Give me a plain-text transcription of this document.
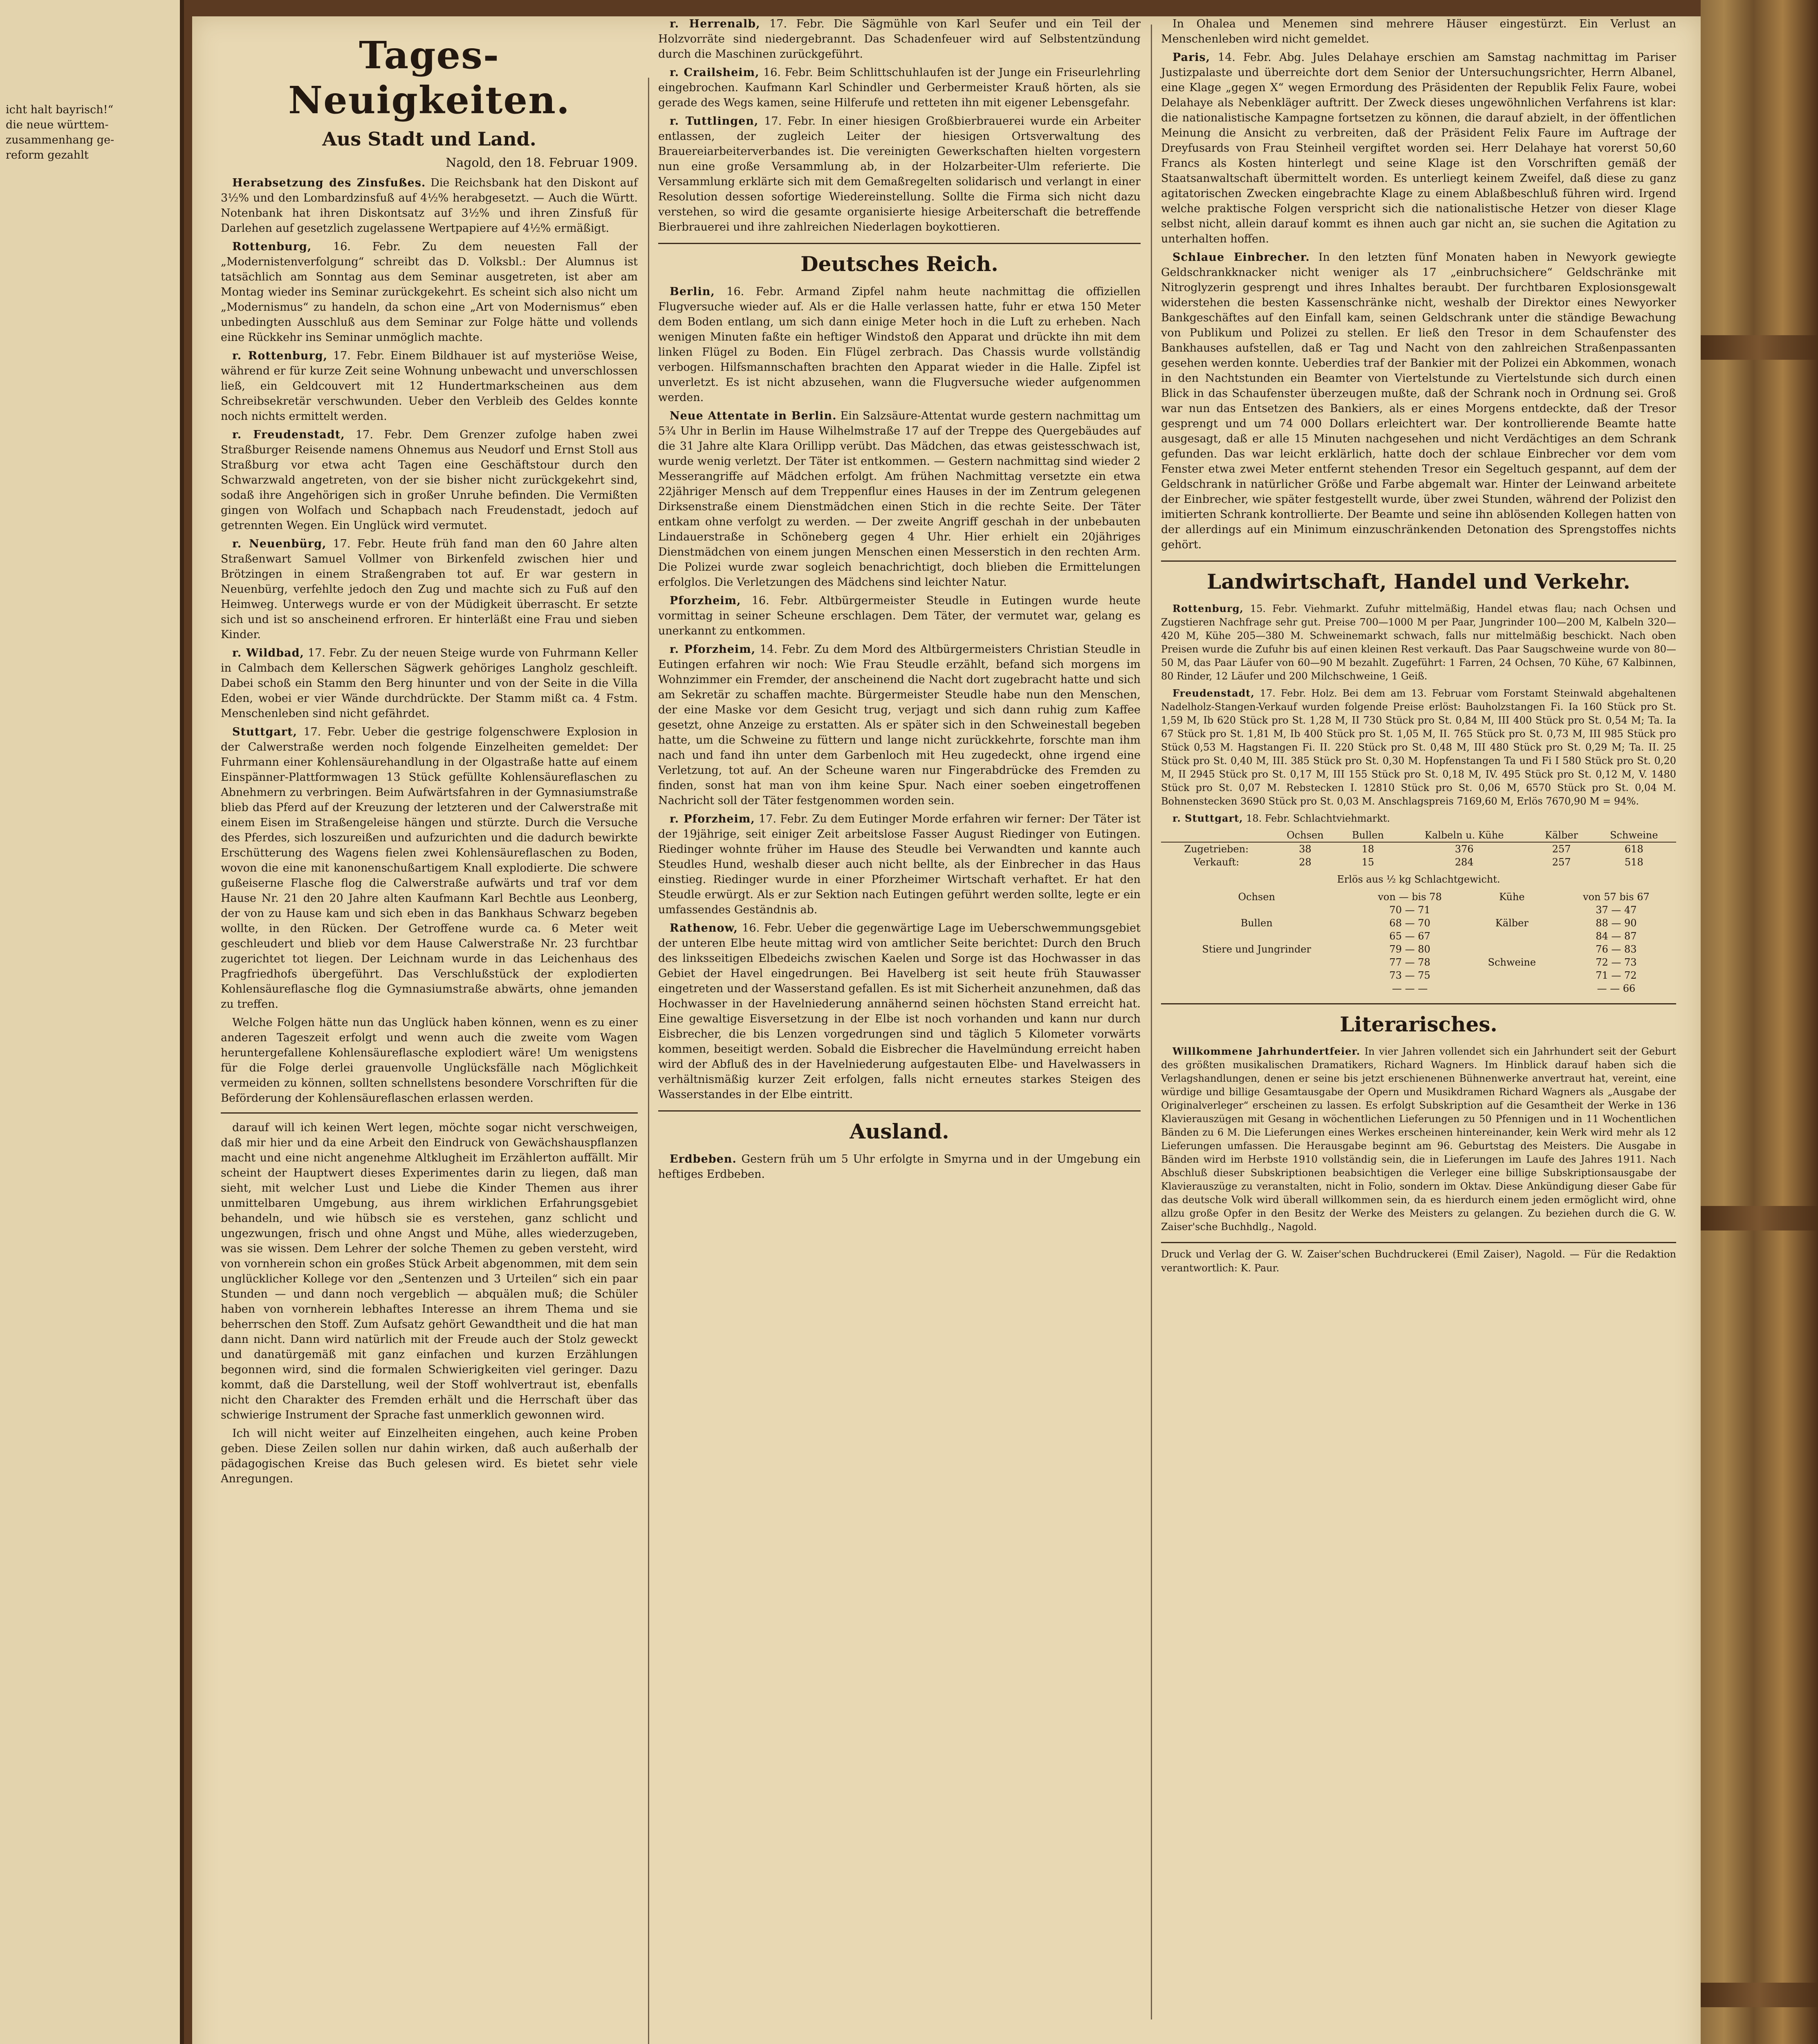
icht halt bayrisch!“
die neue württem-
zusammenhang ge-
reform gezahlt
Tages-Neuigkeiten.
Aus Stadt und Land.
Nagold, den 18. Februar 1909.

Herabsetzung des Zinsfußes. Die Reichsbank hat den Diskont auf 3½% und den Lombardzinsfuß auf 4½% herabgesetzt. — Auch die Württ. Notenbank hat ihren Diskontsatz auf 3½% und ihren Zinsfuß für Darlehen auf gesetzlich zugelassene Wertpapiere auf 4½% ermäßigt.

Rottenburg, 16. Febr. Zu dem neuesten Fall der „Modernistenverfolgung“ schreibt das D. Volksbl.: Der Alumnus ist tatsächlich am Sonntag aus dem Seminar ausgetreten, ist aber am Montag wieder ins Seminar zurückgekehrt. Es scheint sich also nicht um „Modernismus“ zu handeln, da schon eine „Art von Modernismus“ eben unbedingten Ausschluß aus dem Seminar zur Folge hätte und vollends eine Rückkehr ins Seminar unmöglich machte.

r. Rottenburg, 17. Febr. Einem Bildhauer ist auf mysteriöse Weise, während er für kurze Zeit seine Wohnung unbewacht und unverschlossen ließ, ein Geldcouvert mit 12 Hundertmarkscheinen aus dem Schreibsekretär verschwunden. Ueber den Verbleib des Geldes konnte noch nichts ermittelt werden.

r. Freudenstadt, 17. Febr. Dem Grenzer zufolge haben zwei Straßburger Reisende namens Ohnemus aus Neudorf und Ernst Stoll aus Straßburg vor etwa acht Tagen eine Geschäftstour durch den Schwarzwald angetreten, von der sie bisher nicht zurückgekehrt sind, sodaß ihre Angehörigen sich in großer Unruhe befinden. Die Vermißten gingen von Wolfach und Schapbach nach Freudenstadt, jedoch auf getrennten Wegen. Ein Unglück wird vermutet.

r. Neuenbürg, 17. Febr. Heute früh fand man den 60 Jahre alten Straßenwart Samuel Vollmer von Birkenfeld zwischen hier und Brötzingen in einem Straßengraben tot auf. Er war gestern in Neuenbürg, verfehlte jedoch den Zug und machte sich zu Fuß auf den Heimweg. Unterwegs wurde er von der Müdigkeit überrascht. Er setzte sich und ist so anscheinend erfroren. Er hinterläßt eine Frau und sieben Kinder.

r. Wildbad, 17. Febr. Zu der neuen Steige wurde von Fuhrmann Keller in Calmbach dem Kellerschen Sägwerk gehöriges Langholz geschleift. Dabei schoß ein Stamm den Berg hinunter und von der Seite in die Villa Eden, wobei er vier Wände durchdrückte. Der Stamm mißt ca. 4 Fstm. Menschenleben sind nicht gefährdet.

Stuttgart, 17. Febr. Ueber die gestrige folgenschwere Explosion in der Calwerstraße werden noch folgende Einzelheiten gemeldet: Der Fuhrmann einer Kohlensäurehandlung in der Olgastraße hatte auf einem Einspänner-Plattformwagen 13 Stück gefüllte Kohlensäureflaschen zu Abnehmern zu verbringen. Beim Aufwärtsfahren in der Gymnasiumstraße blieb das Pferd auf der Kreuzung der letzteren und der Calwerstraße mit einem Eisen im Straßengeleise hängen und stürzte. Durch die Versuche des Pferdes, sich loszureißen und aufzurichten und die dadurch bewirkte Erschütterung des Wagens fielen zwei Kohlensäureflaschen zu Boden, wovon die eine mit kanonenschußartigem Knall explodierte. Die schwere gußeiserne Flasche flog die Calwerstraße aufwärts und traf vor dem Hause Nr. 21 den 20 Jahre alten Kaufmann Karl Bechtle aus Leonberg, der von zu Hause kam und sich eben in das Bankhaus Schwarz begeben wollte, in den Rücken. Der Getroffene wurde ca. 6 Meter weit geschleudert und blieb vor dem Hause Calwerstraße Nr. 23 furchtbar zugerichtet tot liegen. Der Leichnam wurde in das Leichenhaus des Pragfriedhofs übergeführt. Das Verschlußstück der explodierten Kohlensäureflasche flog die Gymnasiumstraße abwärts, ohne jemanden zu treffen.

Welche Folgen hätte nun das Unglück haben können, wenn es zu einer anderen Tageszeit erfolgt und wenn auch die zweite vom Wagen heruntergefallene Kohlensäureflasche explodiert wäre! Um wenigstens für die Folge derlei grauenvolle Unglücksfälle nach Möglichkeit vermeiden zu können, sollten schnellstens besondere Vorschriften für die Beförderung der Kohlensäureflaschen erlassen werden.

darauf will ich keinen Wert legen, möchte sogar nicht verschweigen, daß mir hier und da eine Arbeit den Eindruck von Gewächshauspflanzen macht und eine nicht angenehme Altklugheit im Erzählerton auffällt. Mir scheint der Hauptwert dieses Experimentes darin zu liegen, daß man sieht, mit welcher Lust und Liebe die Kinder Themen aus ihrer unmittelbaren Umgebung, aus ihrem wirklichen Erfahrungsgebiet behandeln, und wie hübsch sie es verstehen, ganz schlicht und ungezwungen, frisch und ohne Angst und Mühe, alles wiederzugeben, was sie wissen. Dem Lehrer der solche Themen zu geben versteht, wird von vornherein schon ein großes Stück Arbeit abgenommen, mit dem sein unglücklicher Kollege vor den „Sentenzen und 3 Urteilen“ sich ein paar Stunden — und dann noch vergeblich — abquälen muß; die Schüler haben von vornherein lebhaftes Interesse an ihrem Thema und sie beherrschen den Stoff. Zum Aufsatz gehört Gewandtheit und die hat man dann nicht. Dann wird natürlich mit der Freude auch der Stolz geweckt und danatürgemäß mit ganz einfachen und kurzen Erzählungen begonnen wird, sind die formalen Schwierigkeiten viel geringer. Dazu kommt, daß die Darstellung, weil der Stoff wohlvertraut ist, ebenfalls nicht den Charakter des Fremden erhält und die Herrschaft über das schwierige Instrument der Sprache fast unmerklich gewonnen wird.

Ich will nicht weiter auf Einzelheiten eingehen, auch keine Proben geben. Diese Zeilen sollen nur dahin wirken, daß auch außerhalb der pädagogischen Kreise das Buch gelesen wird. Es bietet sehr viele Anregungen.

r. Herrenalb, 17. Febr. Die Sägmühle von Karl Seufer und ein Teil der Holzvorräte sind niedergebrannt. Das Schadenfeuer wird auf Selbstentzündung durch die Maschinen zurückgeführt.

r. Crailsheim, 16. Febr. Beim Schlittschuhlaufen ist der Junge ein Friseurlehrling eingebrochen. Kaufmann Karl Schindler und Gerbermeister Krauß hörten, als sie gerade des Wegs kamen, seine Hilferufe und retteten ihn mit eigener Lebensgefahr.

r. Tuttlingen, 17. Febr. In einer hiesigen Großbierbrauerei wurde ein Arbeiter entlassen, der zugleich Leiter der hiesigen Ortsverwaltung des Brauereiarbeiterverbandes ist. Die vereinigten Gewerkschaften hielten vorgestern nun eine große Versammlung ab, in der Holzarbeiter-Ulm referierte. Die Versammlung erklärte sich mit dem Gemaßregelten solidarisch und verlangt in einer Resolution dessen sofortige Wiedereinstellung. Sollte die Firma sich nicht dazu verstehen, so wird die gesamte organisierte hiesige Arbeiterschaft die betreffende Bierbrauerei und ihre zahlreichen Niederlagen boykottieren.

Deutsches Reich.

Berlin, 16. Febr. Armand Zipfel nahm heute nachmittag die offiziellen Flugversuche wieder auf. Als er die Halle verlassen hatte, fuhr er etwa 150 Meter dem Boden entlang, um sich dann einige Meter hoch in die Luft zu erheben. Nach wenigen Minuten faßte ein heftiger Windstoß den Apparat und drückte ihn mit dem linken Flügel zu Boden. Ein Flügel zerbrach. Das Chassis wurde vollständig verbogen. Hilfsmannschaften brachten den Apparat wieder in die Halle. Zipfel ist unverletzt. Es ist nicht abzusehen, wann die Flugversuche wieder aufgenommen werden.

Neue Attentate in Berlin. Ein Salzsäure-Attentat wurde gestern nachmittag um 5¾ Uhr in Berlin im Hause Wilhelmstraße 17 auf der Treppe des Quergebäudes auf die 31 Jahre alte Klara Orillipp verübt. Das Mädchen, das etwas geistesschwach ist, wurde wenig verletzt. Der Täter ist entkommen. — Gestern nachmittag sind wieder 2 Messerangriffe auf Mädchen erfolgt. Am frühen Nachmittag versetzte ein etwa 22jähriger Mensch auf dem Treppenflur eines Hauses in der im Zentrum gelegenen Dirksenstraße einem Dienstmädchen einen Stich in die rechte Seite. Der Täter entkam ohne verfolgt zu werden. — Der zweite Angriff geschah in der unbebauten Lindauerstraße in Schöneberg gegen 4 Uhr. Hier erhielt ein 20jähriges Dienstmädchen von einem jungen Menschen einen Messerstich in den rechten Arm. Die Polizei wurde zwar sogleich benachrichtigt, doch blieben die Ermittelungen erfolglos. Die Verletzungen des Mädchens sind leichter Natur.

Pforzheim, 16. Febr. Altbürgermeister Steudle in Eutingen wurde heute vormittag in seiner Scheune erschlagen. Dem Täter, der vermutet war, gelang es unerkannt zu entkommen.

r. Pforzheim, 14. Febr. Zu dem Mord des Altbürgermeisters Christian Steudle in Eutingen erfahren wir noch: Wie Frau Steudle erzählt, befand sich morgens im Wohnzimmer ein Fremder, der anscheinend die Nacht dort zugebracht hatte und sich am Sekretär zu schaffen machte. Bürgermeister Steudle habe nun den Menschen, der eine Maske vor dem Gesicht trug, verjagt und sich dann ruhig zum Kaffee gesetzt, ohne Anzeige zu erstatten. Als er später sich in den Schweinestall begeben hatte, um die Schweine zu füttern und lange nicht zurückkehrte, forschte man ihm nach und fand ihn unter dem Garbenloch mit Heu zugedeckt, ohne irgend eine Verletzung, tot auf. An der Scheune waren nur Fingerabdrücke des Fremden zu finden, sonst hat man von ihm keine Spur. Nach einer soeben eingetroffenen Nachricht soll der Täter festgenommen worden sein.

r. Pforzheim, 17. Febr. Zu dem Eutinger Morde erfahren wir ferner: Der Täter ist der 19jährige, seit einiger Zeit arbeitslose Fasser August Riedinger von Eutingen. Riedinger wohnte früher im Hause des Steudle bei Verwandten und kannte auch Steudles Hund, weshalb dieser auch nicht bellte, als der Einbrecher in das Haus einstieg. Riedinger wurde in einer Pforzheimer Wirtschaft verhaftet. Er hat den Steudle erwürgt. Als er zur Sektion nach Eutingen geführt werden sollte, legte er ein umfassendes Geständnis ab.

Rathenow, 16. Febr. Ueber die gegenwärtige Lage im Ueberschwemmungsgebiet der unteren Elbe heute mittag wird von amtlicher Seite berichtet: Durch den Bruch des linksseitigen Elbedeichs zwischen Kaelen und Sorge ist das Hochwasser in das Gebiet der Havel eingedrungen. Bei Havelberg ist seit heute früh Stauwasser eingetreten und der Wasserstand gefallen. Es ist mit Sicherheit anzunehmen, daß das Hochwasser in der Havelniederung annähernd seinen höchsten Stand erreicht hat. Eine gewaltige Eisversetzung in der Elbe ist noch vorhanden und kann nur durch Eisbrecher, die bis Lenzen vorgedrungen sind und täglich 5 Kilometer vorwärts kommen, beseitigt werden. Sobald die Eisbrecher die Havelmündung erreicht haben wird der Abfluß des in der Havelniederung aufgestauten Elbe- und Havelwassers in verhältnismäßig kurzer Zeit erfolgen, falls nicht erneutes starkes Steigen des Wasserstandes in der Elbe eintritt.

Ausland.

Erdbeben. Gestern früh um 5 Uhr erfolgte in Smyrna und in der Umgebung ein heftiges Erdbeben.

In Ohalea und Menemen sind mehrere Häuser eingestürzt. Ein Verlust an Menschenleben wird nicht gemeldet.

Paris, 14. Febr. Abg. Jules Delahaye erschien am Samstag nachmittag im Pariser Justizpalaste und überreichte dort dem Senior der Untersuchungsrichter, Herrn Albanel, eine Klage „gegen X“ wegen Ermordung des Präsidenten der Republik Felix Faure, wobei Delahaye als Nebenkläger auftritt. Der Zweck dieses ungewöhnlichen Verfahrens ist klar: die nationalistische Kampagne fortsetzen zu können, die darauf abzielt, in der öffentlichen Meinung die Ansicht zu verbreiten, daß der Präsident Felix Faure im Auftrage der Dreyfusards von Frau Steinheil vergiftet worden sei. Herr Delahaye hat vorerst 50,60 Francs als Kosten hinterlegt und seine Klage ist den Vorschriften gemäß der Staatsanwaltschaft übermittelt worden. Es unterliegt keinem Zweifel, daß diese zu ganz agitatorischen Zwecken eingebrachte Klage zu einem Ablaßbeschluß führen wird. Irgend welche praktische Folgen verspricht sich die nationalistische Hetzer von dieser Klage selbst nicht, allein darauf kommt es ihnen auch gar nicht an, sie suchen die Agitation zu unterhalten hoffen.

Schlaue Einbrecher. In den letzten fünf Monaten haben in Newyork gewiegte Geldschrankknacker nicht weniger als 17 „einbruchsichere“ Geldschränke mit Nitroglyzerin gesprengt und ihres Inhaltes beraubt. Der furchtbaren Explosionsgewalt widerstehen die besten Kassenschränke nicht, weshalb der Direktor eines Newyorker Bankgeschäftes auf den Einfall kam, seinen Geldschrank unter die ständige Bewachung von Publikum und Polizei zu stellen. Er ließ den Tresor in dem Schaufenster des Bankhauses aufstellen, daß er Tag und Nacht von den zahlreichen Straßenpassanten gesehen werden konnte. Ueberdies traf der Bankier mit der Polizei ein Abkommen, wonach in den Nachtstunden ein Beamter von Viertelstunde zu Viertelstunde sich durch einen Blick in das Schaufenster überzeugen mußte, daß der Schrank noch in Ordnung sei. Groß war nun das Entsetzen des Bankiers, als er eines Morgens entdeckte, daß der Tresor gesprengt und um 74 000 Dollars erleichtert war. Der kontrollierende Beamte hatte ausgesagt, daß er alle 15 Minuten nachgesehen und nicht Verdächtiges an dem Schrank gefunden. Das war leicht erklärlich, hatte doch der schlaue Einbrecher vor dem vom Fenster etwa zwei Meter entfernt stehenden Tresor ein Segeltuch gespannt, auf dem der Geldschrank in natürlicher Größe und Farbe abgemalt war. Hinter der Leinwand arbeitete der Einbrecher, wie später festgestellt wurde, über zwei Stunden, während der Polizist den imitierten Schrank kontrollierte. Der Beamte und seine ihn ablösenden Kollegen hatten von der allerdings auf ein Minimum einzuschränkenden Detonation des Sprengstoffes nichts gehört.

Landwirtschaft, Handel und Verkehr.

Rottenburg, 15. Febr. Viehmarkt. Zufuhr mittelmäßig, Handel etwas flau; nach Ochsen und Zugstieren Nachfrage sehr gut. Preise 700—1000 M per Paar, Jungrinder 100—200 M, Kalbeln 320—420 M, Kühe 205—380 M. Schweinemarkt schwach, falls nur mittelmäßig beschickt. Nach oben Preisen wurde die Zufuhr bis auf einen kleinen Rest verkauft. Das Paar Saugschweine wurde von 80—50 M, das Paar Läufer von 60—90 M bezahlt. Zugeführt: 1 Farren, 24 Ochsen, 70 Kühe, 67 Kalbinnen, 80 Rinder, 12 Läufer und 200 Milchschweine, 1 Geiß.

Freudenstadt, 17. Febr. Holz. Bei dem am 13. Februar vom Forstamt Steinwald abgehaltenen Nadelholz-Stangen-Verkauf wurden folgende Preise erlöst: Bauholzstangen Fi. Ia 160 Stück pro St. 1,59 M, Ib 620 Stück pro St. 1,28 M, II 730 Stück pro St. 0,84 M, III 400 Stück pro St. 0,54 M; Ta. Ia 67 Stück pro St. 1,81 M, Ib 400 Stück pro St. 1,05 M, II. 765 Stück pro St. 0,73 M, III 985 Stück pro Stück 0,53 M. Hagstangen Fi. II. 220 Stück pro St. 0,48 M, III 480 Stück pro St. 0,29 M; Ta. II. 25 Stück pro St. 0,40 M, III. 385 Stück pro St. 0,30 M. Hopfenstangen Ta und Fi I 580 Stück pro St. 0,20 M, II 2945 Stück pro St. 0,17 M, III 155 Stück pro St. 0,18 M, IV. 495 Stück pro St. 0,12 M, V. 1480 Stück pro St. 0,07 M. Rebstecken I. 12810 Stück pro St. 0,06 M, 6570 Stück pro St. 0,04 M. Bohnenstecken 3690 Stück pro St. 0,03 M. Anschlagspreis 7169,60 M, Erlös 7670,90 M = 94%.

r. Stuttgart, 18. Febr. Schlachtviehmarkt.

	Ochsen	Bullen	Kalbeln u. Kühe	Kälber	Schweine
Zugetrieben:	38	18	376	257	618
Verkauft:	28	15	284	257	518
Erlös aus ½ kg Schlachtgewicht.
Ochsen	von — bis 78	Kühe	von 57 bis 67
	70 — 71		37 — 47
Bullen	68 — 70	Kälber	88 — 90
	65 — 67		84 — 87
Stiere und Jungrinder	79 — 80		76 — 83
	77 — 78	Schweine	72 — 73
	73 — 75		71 — 72
	— — —		— — 66
Literarisches.

Willkommene Jahrhundertfeier. In vier Jahren vollendet sich ein Jahrhundert seit der Geburt des größten musikalischen Dramatikers, Richard Wagners. Im Hinblick darauf haben sich die Verlagshandlungen, denen er seine bis jetzt erschienenen Bühnenwerke anvertraut hat, vereint, eine würdige und billige Gesamtausgabe der Opern und Musikdramen Richard Wagners als „Ausgabe der Originalverleger“ erscheinen zu lassen. Es erfolgt Subskription auf die Gesamtheit der Werke in 136 Klavierauszügen mit Gesang in wöchentlichen Lieferungen zu 50 Pfennigen und in 11 Wochentlichen Bänden zu 6 M. Die Lieferungen eines Werkes erscheinen hintereinander, kein Werk wird mehr als 12 Lieferungen umfassen. Die Herausgabe beginnt am 96. Geburtstag des Meisters. Die Ausgabe in Bänden wird im Herbste 1910 vollständig sein, die in Lieferungen im Laufe des Jahres 1911. Nach Abschluß dieser Subskriptionen beabsichtigen die Verleger eine billige Subskriptionsausgabe der Klavierauszüge zu veranstalten, nicht in Folio, sondern im Oktav. Diese Ankündigung dieser Gabe für das deutsche Volk wird überall willkommen sein, da es hierdurch einem jeden ermöglicht wird, ohne allzu große Opfer in den Besitz der Werke des Meisters zu gelangen. Zu beziehen durch die G. W. Zaiser'sche Buchhdlg., Nagold.

Druck und Verlag der G. W. Zaiser'schen Buchdruckerei (Emil Zaiser), Nagold. — Für die Redaktion verantwortlich: K. Paur.
